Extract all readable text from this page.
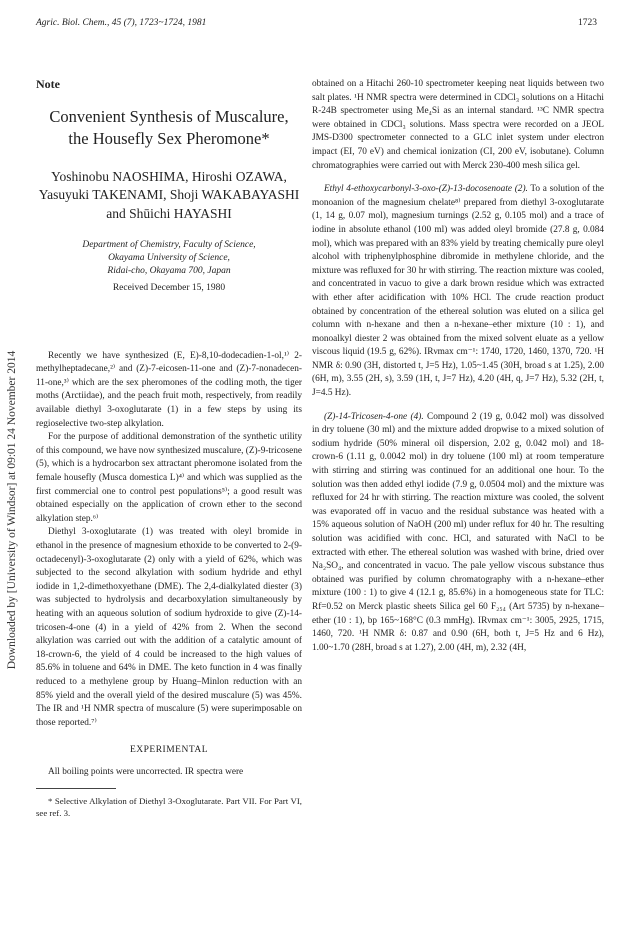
Agric. Biol. Chem., 45 (7), 1723~1724, 1981	1723
Downloaded by [University of Windsor] at 09:01 24 November 2014
Note
Convenient Synthesis of Muscalure,
the Housefly Sex Pheromone*
Yoshinobu NAOSHIMA, Hiroshi OZAWA,
Yasuyuki TAKENAMI, Shoji WAKABAYASHI
and Shūichi HAYASHI
Department of Chemistry, Faculty of Science,
Okayama University of Science,
Ridai-cho, Okayama 700, Japan
Received December 15, 1980

Recently we have synthesized (E, E)-8,10-dodecadien-1-ol,¹⁾ 2-methylheptadecane,²⁾ and (Z)-7-eicosen-11-one and (Z)-7-nonadecen-11-one,³⁾ which are the sex pheromones of the codling moth, the tiger moths (Arctiidae), and the peach fruit moth, respectively, from readily available diethyl 3-oxoglutarate (1) in a few steps by using its regioselective two-step alkylation.

For the purpose of additional demonstration of the synthetic utility of this compound, we have now synthesized muscalure, (Z)-9-tricosene (5), which is a hydrocarbon sex attractant pheromone isolated from the female housefly (Musca domestica L)⁴⁾ and which was supplied as the first commercial one to control pest populations⁵⁾; a good result was obtained especially on the application of crown ether to the second alkylation step.⁶⁾

Diethyl 3-oxoglutarate (1) was treated with oleyl bromide in ethanol in the presence of magnesium ethoxide to be converted to 2-(9-octadecenyl)-3-oxoglutarate (2) only with a yield of 62%, which was subjected to the second alkylation with sodium hydride and ethyl iodide in 1,2-dimethoxyethane (DME). The 2,4-dialkylated diester (3) was subjected to hydrolysis and decarboxylation simultaneously by heating with an aqueous solution of sodium hydroxide to give (Z)-14-tricosen-4-one (4) in a yield of 42% from 2. When the second alkylation was carried out with the addition of a catalytic amount of 18-crown-6, the yield of 4 could be increased to the high values of 85.6% in toluene and 64% in DME. The keto function in 4 was finally reduced to a methylene group by Huang–Minlon reduction with an 85% yield and the overall yield of the desired muscalure (5) was 45%. The IR and ¹H NMR spectra of muscalure (5) were superimposable on those reported.⁷⁾

EXPERIMENTAL

All boiling points were uncorrected. IR spectra were

* Selective Alkylation of Diethyl 3-Oxoglutarate. Part VII. For Part VI, see ref. 3.

obtained on a Hitachi 260-10 spectrometer keeping neat liquids between two salt plates. ¹H NMR spectra were determined in CDCl₃ solutions on a Hitachi R-24B spectrometer using Me₄Si as an internal standard. ¹³C NMR spectra were obtained in CDCl₃ solutions. Mass spectra were recorded on a JEOL JMS-D300 spectrometer connected to a GLC inlet system under electron impact (EI, 70 eV) and chemical ionization (CI, 200 eV, isobutane). Column chromatographies were carried out with Merck 230-400 mesh silica gel.

Ethyl 4-ethoxycarbonyl-3-oxo-(Z)-13-docosenoate (2). To a solution of the monoanion of the magnesium chelate⁸⁾ prepared from diethyl 3-oxoglutarate (1, 14 g, 0.07 mol), magnesium turnings (2.52 g, 0.105 mol) and a trace of iodine in absolute ethanol (100 ml) was added oleyl bromide (27.8 g, 0.084 mol), which was prepared with an 83% yield by treating chemically pure oleyl alcohol with triphenylphosphine dibromide in methylene chloride, and the mixture was refluxed for 30 hr with stirring. The reaction mixture was cooled, and concentrated in vacuo to give a dark brown residue which was extracted with ether after acidification with 10% HCl. The crude reaction product obtained by concentration of the ethereal solution was eluted on a silica gel column with n-hexane and then a n-hexane–ether mixture (10 : 1), and monoalkyl diester 2 was obtained from the mixed solvent eluate as a yellow viscous liquid (19.5 g, 62%). IRνmax cm⁻¹: 1740, 1720, 1460, 1370, 720. ¹H NMR δ: 0.90 (3H, distorted t, J=5 Hz), 1.05~1.45 (30H, broad s at 1.25), 2.00 (6H, m), 3.55 (2H, s), 3.59 (1H, t, J=7 Hz), 4.20 (4H, q, J=7 Hz), 5.32 (2H, t, J=4.5 Hz).

(Z)-14-Tricosen-4-one (4). Compound 2 (19 g, 0.042 mol) was dissolved in dry toluene (30 ml) and the mixture added dropwise to a mixed solution of sodium hydride (50% mineral oil dispersion, 2.02 g, 0.042 mol) and 18-crown-6 (1.11 g, 0.0042 mol) in dry toluene (100 ml) at room temperature with stirring and stirring was continued for an additional one hour. To the solution was then added ethyl iodide (7.9 g, 0.0504 mol) and the mixture was refluxed for 24 hr with stirring. The reaction mixture was cooled, the solvent was evaporated off in vacuo and the residual substance was heated with a 15% aqueous solution of NaOH (200 ml) under reflux for 40 hr. The resulting solution was acidified with conc. HCl, and saturated with NaCl to be extracted with ether. The ethereal solution was washed with brine, dried over Na₂SO₄, and concentrated in vacuo. The pale yellow viscous substance thus obtained was purified by column chromatography with a n-hexane–ether mixture (100 : 1) to give 4 (12.1 g, 85.6%) in a homogeneous state for TLC: Rf=0.52 on Merck plastic sheets Silica gel 60 F₂₅₄ (Art 5735) by n-hexane–ether (10 : 1), bp 165~168°C (0.3 mmHg). IRνmax cm⁻¹: 3005, 2925, 1715, 1460, 720. ¹H NMR δ: 0.87 and 0.90 (6H, both t, J=5 Hz and 6 Hz), 1.00~1.70 (28H, broad s at 1.27), 2.00 (4H, m), 2.32 (4H,
